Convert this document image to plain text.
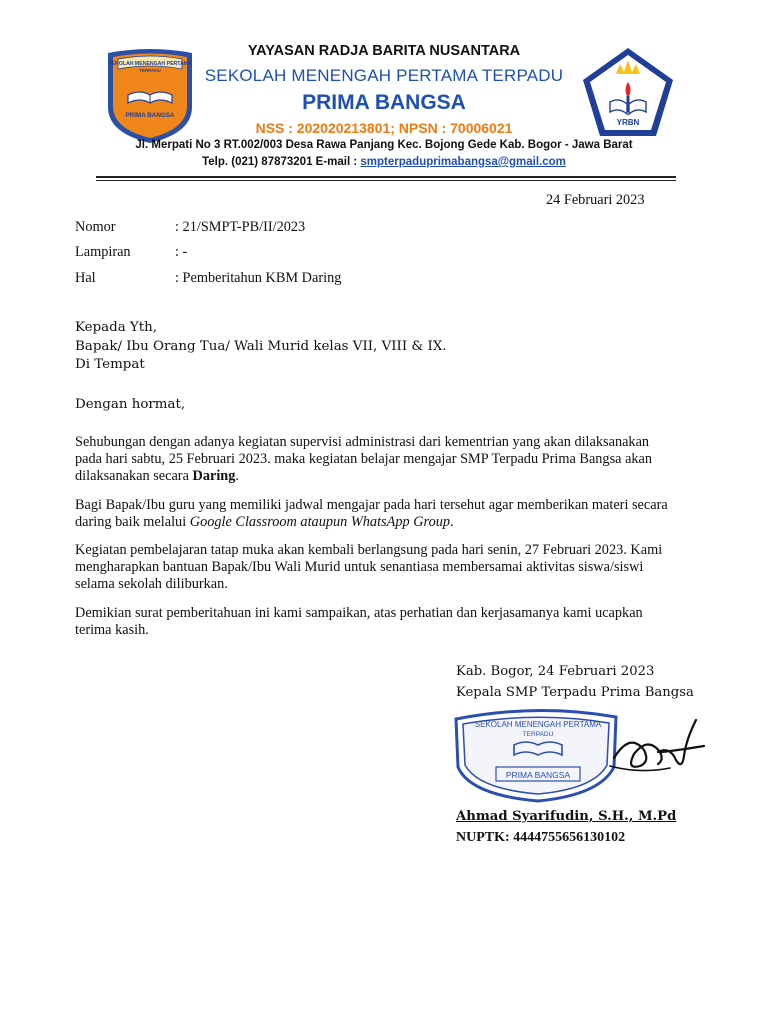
SEKOLAH MENENGAH PERTAMA
TERPADU
PRIMA BANGSA
YRBN
YAYASAN RADJA BARITA NUSANTARA
SEKOLAH MENENGAH PERTAMA TERPADU
PRIMA BANGSA
NSS : 202020213801; NPSN : 70006021
Jl. Merpati No 3 RT.002/003 Desa Rawa Panjang Kec. Bojong Gede Kab. Bogor - Jawa Barat
Telp. (021) 87873201 E-mail : smpterpaduprimabangsa@gmail.com
24 Februari 2023
Nomor	: 21/SMPT-PB/II/2023
Lampiran	: -
Hal	: Pemberitahun KBM Daring
Kepada Yth,
Bapak/ Ibu Orang Tua/ Wali Murid kelas VII, VIII & IX.
Di Tempat
Dengan hormat,
Sehubungan dengan adanya kegiatan supervisi administrasi dari kementrian yang akan dilaksanakan
pada hari sabtu, 25 Februari 2023. maka kegiatan belajar mengajar SMP Terpadu Prima Bangsa akan
dilaksanakan secara Daring.
Bagi Bapak/Ibu guru yang memiliki jadwal mengajar pada hari tersehut agar memberikan materi secara
daring baik melalui Google Classroom ataupun WhatsApp Group.
Kegiatan pembelajaran tatap muka akan kembali berlangsung pada hari senin, 27 Februari 2023. Kami
mengharapkan bantuan Bapak/Ibu Wali Murid untuk senantiasa membersamai aktivitas siswa/siswi
selama sekolah diliburkan.
Demikian surat pemberitahuan ini kami sampaikan, atas perhatian dan kerjasamanya kami ucapkan
terima kasih.
Kab. Bogor, 24 Februari 2023
Kepala SMP Terpadu Prima Bangsa
SEKOLAH MENENGAH PERTAMA
TERPADU
PRIMA BANGSA
Ahmad Syarifudin, S.H., M.Pd
NUPTK: 4444755656130102
